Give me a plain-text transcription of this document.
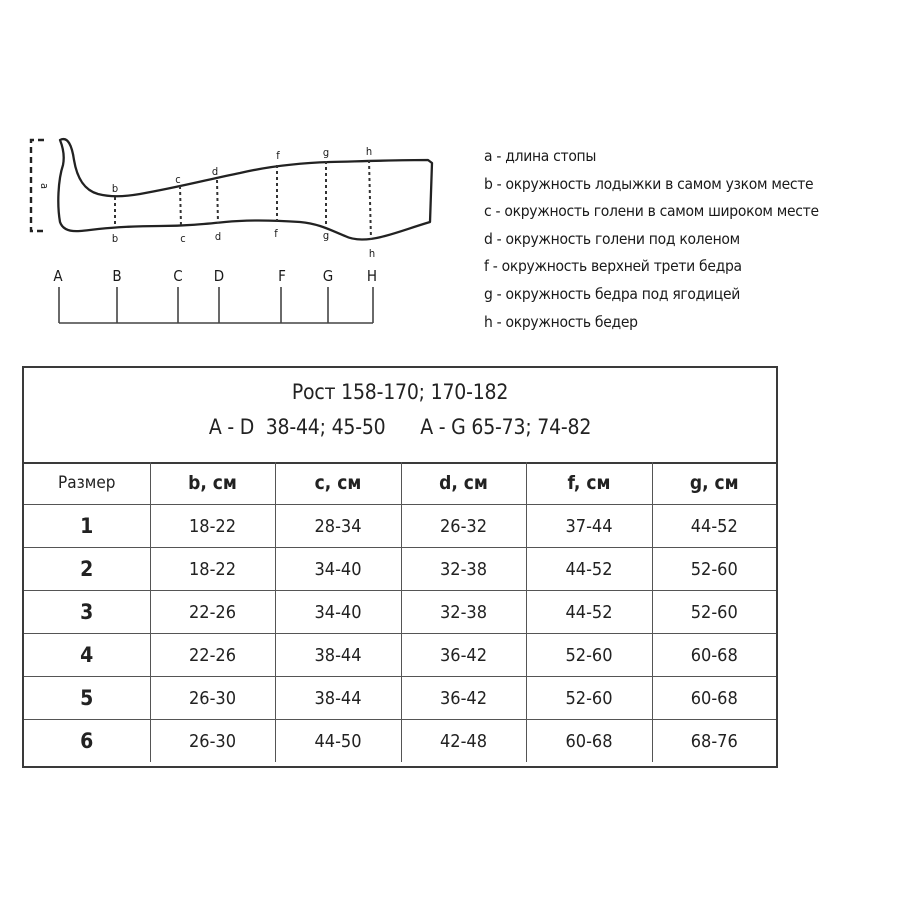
a	b
c
d
f	g	h
b	c	d	f	g
h
A	B	C D	F G H
a - длина стопы
b - окружность лодыжки в самом узком месте
c - окружность голени в самом широком месте
d - окружность голени под коленом
f - окружность верхней трети бедра
g - окружность бедра под ягодицей
h - окружность бедер
Рост 158-170; 170-182
A - D  38-44; 45-50      A - G 65-73; 74-82
Размер	b, см	c, см	d, см	f, см	g, см
1	18-22	28-34	26-32	37-44	44-52
2	18-22	34-40	32-38	44-52	52-60
3	22-26	34-40	32-38	44-52	52-60
4	22-26	38-44	36-42	52-60	60-68
5	26-30	38-44	36-42	52-60	60-68
6	26-30	44-50	42-48	60-68	68-76
